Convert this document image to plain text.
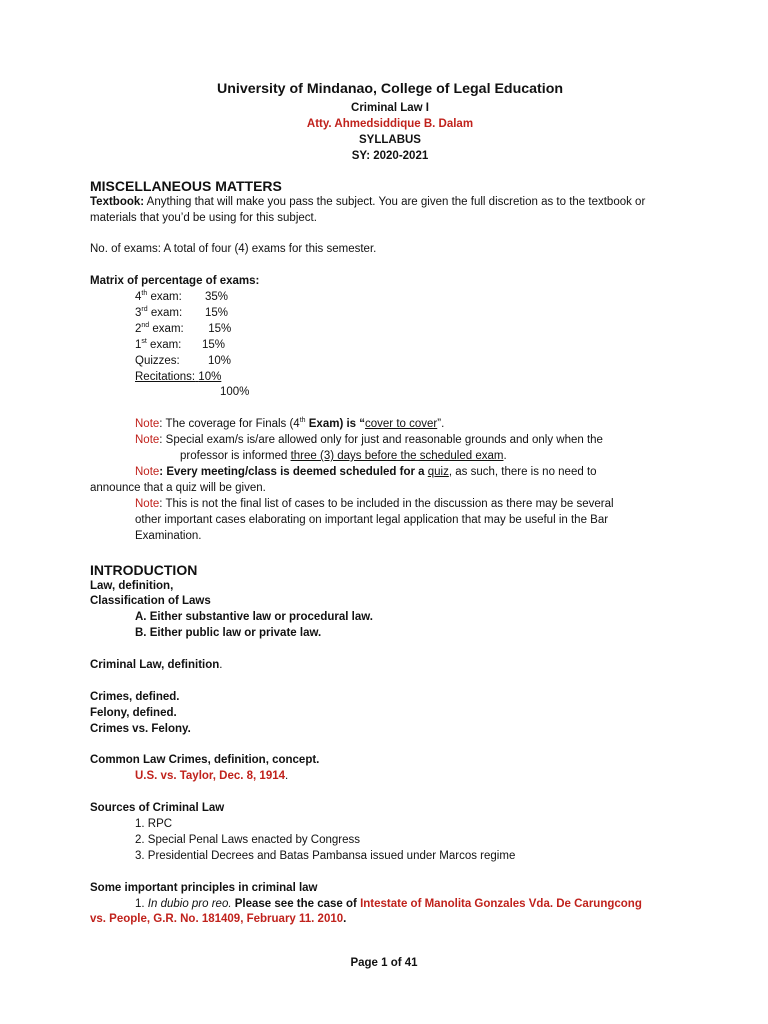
University of Mindanao, College of Legal Education
Criminal Law I
Atty. Ahmedsiddique B. Dalam
SYLLABUS
SY: 2020-2021
MISCELLANEOUS MATTERS
Textbook: Anything that will make you pass the subject. You are given the full discretion as to the textbook or materials that you’d be using for this subject.
No. of exams: A total of four (4) exams for this semester.
Matrix of percentage of exams:
4th exam:	35%
3rd exam:	15%
2nd exam:	15%
1st exam:	15%
Quizzes:	10%
Recitations: 10%
100%
Note: The coverage for Finals (4th Exam) is “cover to cover”.
Note: Special exam/s is/are allowed only for just and reasonable grounds and only when the
professor is informed three (3) days before the scheduled exam.
Note: Every meeting/class is deemed scheduled for a quiz, as such, there is no need to
announce that a quiz will be given.
Note: This is not the final list of cases to be included in the discussion as there may be several
other important cases elaborating on important legal application that may be useful in the Bar
Examination.
INTRODUCTION
Law, definition,
Classification of Laws
A. Either substantive law or procedural law.
B. Either public law or private law.
Criminal Law, definition.
Crimes, defined.
Felony, defined.
Crimes vs. Felony.
Common Law Crimes, definition, concept.
U.S. vs. Taylor, Dec. 8, 1914.
Sources of Criminal Law
1. RPC
2. Special Penal Laws enacted by Congress
3. Presidential Decrees and Batas Pambansa issued under Marcos regime
Some important principles in criminal law
1. In dubio pro reo. Please see the case of Intestate of Manolita Gonzales Vda. De Carungcong
vs. People, G.R. No. 181409, February 11. 2010.
Page 1 of 41
